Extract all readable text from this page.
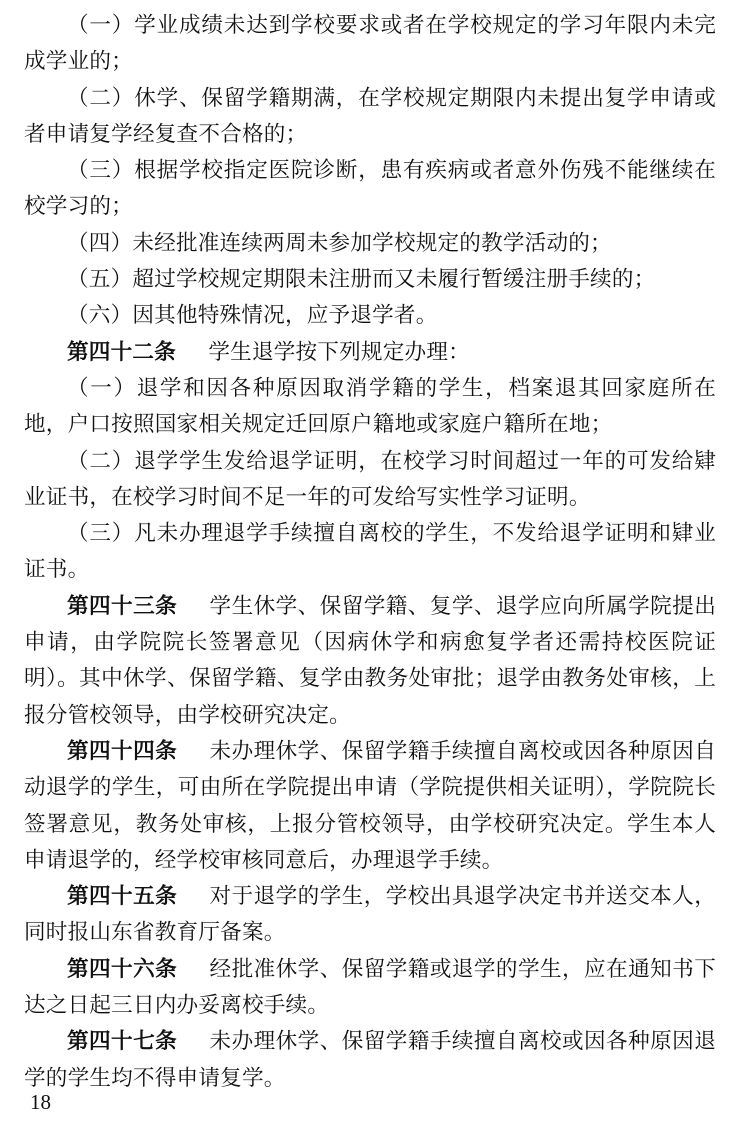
（一）学业成绩未达到学校要求或者在学校规定的学习年限内未完成学业的；

（二）休学、保留学籍期满，在学校规定期限内未提出复学申请或者申请复学经复查不合格的；

（三）根据学校指定医院诊断，患有疾病或者意外伤残不能继续在校学习的；

（四）未经批准连续两周未参加学校规定的教学活动的；

（五）超过学校规定期限未注册而又未履行暂缓注册手续的；

（六）因其他特殊情况，应予退学者。

第四十二条 学生退学按下列规定办理：

（一）退学和因各种原因取消学籍的学生，档案退其回家庭所在地，户口按照国家相关规定迁回原户籍地或家庭户籍所在地；

（二）退学学生发给退学证明，在校学习时间超过一年的可发给肄业证书，在校学习时间不足一年的可发给写实性学习证明。

（三）凡未办理退学手续擅自离校的学生，不发给退学证明和肄业证书。

第四十三条 学生休学、保留学籍、复学、退学应向所属学院提出申请，由学院院长签署意见（因病休学和病愈复学者还需持校医院证明）。其中休学、保留学籍、复学由教务处审批；退学由教务处审核，上报分管校领导，由学校研究决定。

第四十四条 未办理休学、保留学籍手续擅自离校或因各种原因自动退学的学生，可由所在学院提出申请（学院提供相关证明），学院院长签署意见，教务处审核，上报分管校领导，由学校研究决定。学生本人申请退学的，经学校审核同意后，办理退学手续。

第四十五条 对于退学的学生，学校出具退学决定书并送交本人，同时报山东省教育厅备案。

第四十六条 经批准休学、保留学籍或退学的学生，应在通知书下达之日起三日内办妥离校手续。

第四十七条 未办理休学、保留学籍手续擅自离校或因各种原因退学的学生均不得申请复学。

18
